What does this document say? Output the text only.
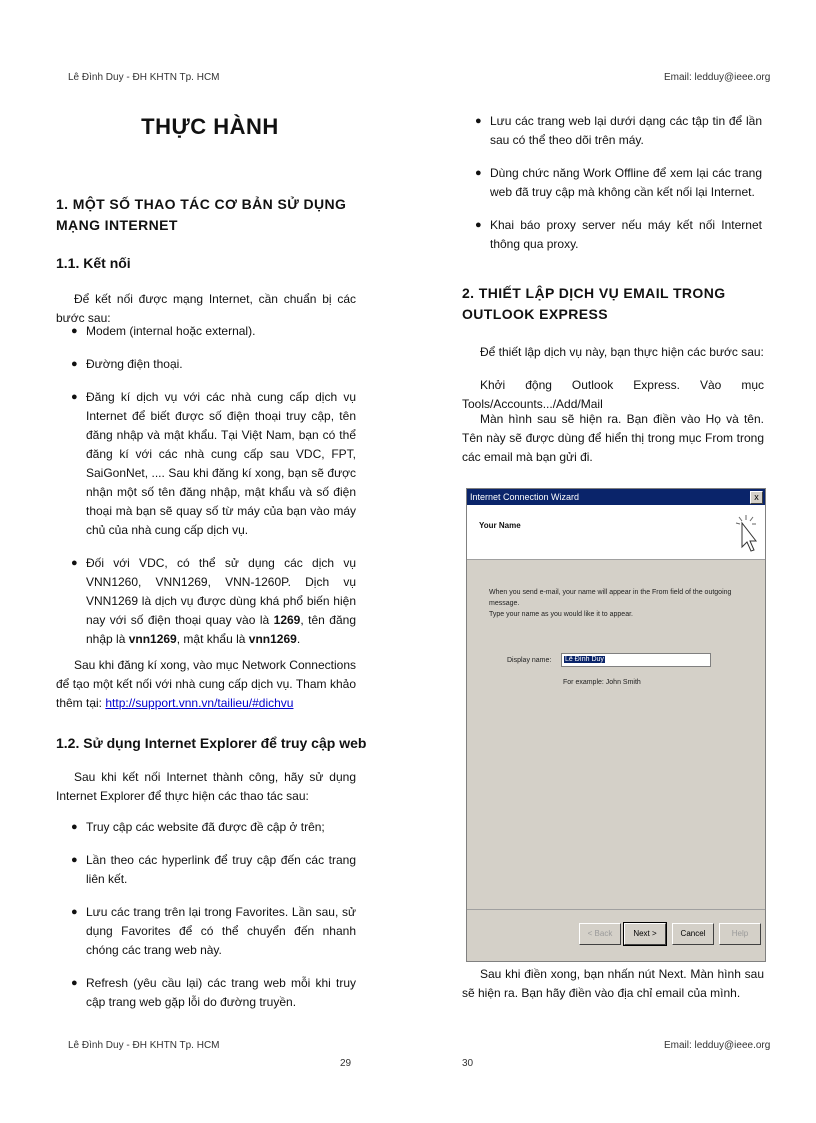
Lê Đình Duy - ĐH KHTN Tp. HCM
THỰC HÀNH
1. MỘT SỐ THAO TÁC CƠ BẢN SỬ DỤNG MẠNG INTERNET
1.1. Kết nối

Để kết nối được mạng Internet, cần chuẩn bị các bước sau:

● Modem (internal hoặc external).
● Đường điện thoại.
● Đăng kí dịch vụ với các nhà cung cấp dịch vụ Internet để biết được số điện thoại truy cập, tên đăng nhập và mật khẩu. Tại Việt Nam, bạn có thể đăng kí với các nhà cung cấp sau VDC, FPT, SaiGonNet, .... Sau khi đăng kí xong, bạn sẽ được nhận một số tên đăng nhập, mật khẩu và số điện thoại mà bạn sẽ quay số từ máy của bạn vào máy chủ của nhà cung cấp dịch vụ.
● Đối với VDC, có thể sử dụng các dịch vụ VNN1260, VNN1269, VNN-1260P. Dịch vụ VNN1269 là dịch vụ được dùng khá phổ biến hiện nay với số điện thoại quay vào là 1269, tên đăng nhập là vnn1269, mật khẩu là vnn1269.

Sau khi đăng kí xong, vào mục Network Connections để tạo một kết nối với nhà cung cấp dịch vụ. Tham khảo thêm tại: http://support.vnn.vn/tailieu/#dichvu

1.2. Sử dụng Internet Explorer để truy cập web

Sau khi kết nối Internet thành công, hãy sử dụng Internet Explorer để thực hiện các thao tác sau:

● Truy cập các website đã được đề cập ở trên;
● Lần theo các hyperlink để truy cập đến các trang liên kết.
● Lưu các trang trên lại trong Favorites. Lần sau, sử dụng Favorites để có thể chuyển đến nhanh chóng các trang web này.
● Refresh (yêu cầu lại) các trang web mỗi khi truy cập trang web gặp lỗi do đường truyền.
Lê Đình Duy - ĐH KHTN Tp. HCM
29
Email: ledduy@ieee.org
● Lưu các trang web lại dưới dạng các tập tin để lần sau có thể theo dõi trên máy.
● Dùng chức năng Work Offline để xem lại các trang web đã truy cập mà không cần kết nối lại Internet.
● Khai báo proxy server nếu máy kết nối Internet thông qua proxy.
2. THIẾT LẬP DỊCH VỤ EMAIL TRONG OUTLOOK EXPRESS

Để thiết lập dịch vụ này, bạn thực hiện các bước sau:

Khởi động Outlook Express. Vào mục Tools/Accounts.../Add/Mail

Màn hình sau sẽ hiện ra. Bạn điền vào Họ và tên. Tên này sẽ được dùng để hiển thị trong mục From trong các email mà bạn gửi đi.

Internet Connection Wizard	x
Your Name
When you send e-mail, your name will appear in the From field of the outgoing message.
Type your name as you would like it to appear.
Display name:	Lê Đình Duy
For example: John Smith
< Back	Next >	Cancel	Help

Sau khi điền xong, bạn nhấn nút Next. Màn hình sau sẽ hiện ra. Bạn hãy điền vào địa chỉ email của mình.

Email: ledduy@ieee.org
30
